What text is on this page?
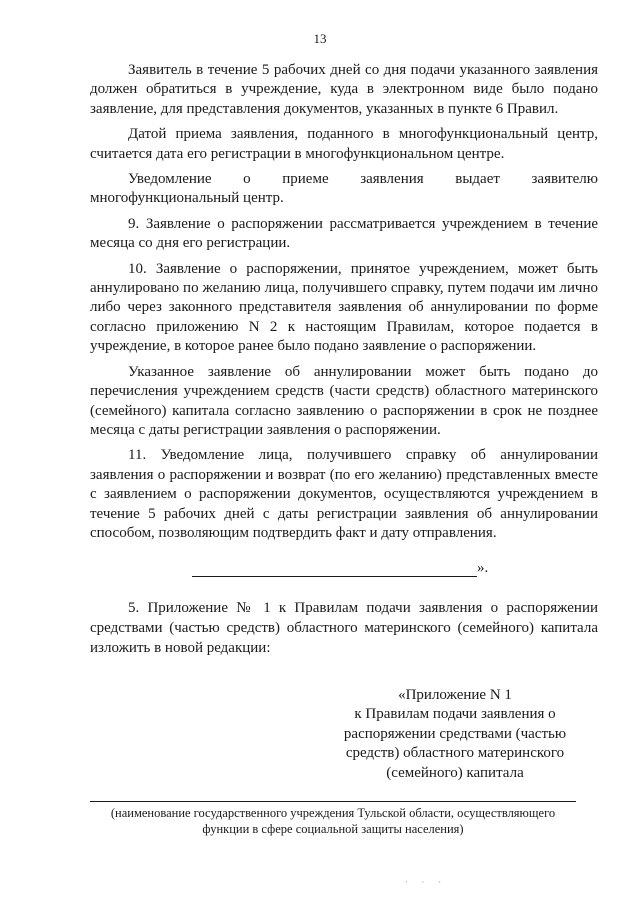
13

Заявитель в течение 5 рабочих дней со дня подачи указанного заявления должен обратиться в учреждение, куда в электронном виде было подано заявление, для представления документов, указанных в пункте 6 Правил.

Датой приема заявления, поданного в многофункциональный центр, считается дата его регистрации в многофункциональном центре.

Уведомление о приеме заявления выдает заявителю многофункциональный центр.

9. Заявление о распоряжении рассматривается учреждением в течение месяца со дня его регистрации.

10. Заявление о распоряжении, принятое учреждением, может быть аннулировано по желанию лица, получившего справку, путем подачи им лично либо через законного представителя заявления об аннулировании по форме согласно приложению N 2 к настоящим Правилам, которое подается в учреждение, в которое ранее было подано заявление о распоряжении.

Указанное заявление об аннулировании может быть подано до перечисления учреждением средств (части средств) областного материнского (семейного) капитала согласно заявлению о распоряжении в срок не позднее месяца с даты регистрации заявления о распоряжении.

11. Уведомление лица, получившего справку об аннулировании заявления о распоряжении и возврат (по его желанию) представленных вместе с заявлением о распоряжении документов, осуществляются учреждением в течение 5 рабочих дней с даты регистрации заявления об аннулировании способом, позволяющим подтвердить факт и дату отправления.

».

5. Приложение № 1 к Правилам подачи заявления о распоряжении средствами (частью средств) областного материнского (семейного) капитала изложить в новой редакции:

«Приложение N 1
к Правилам подачи заявления о
распоряжении средствами (частью
средств) областного материнского
(семейного) капитала
(наименование государственного учреждения Тульской области, осуществляющего
функции в сфере социальной защиты населения)
· · ·
